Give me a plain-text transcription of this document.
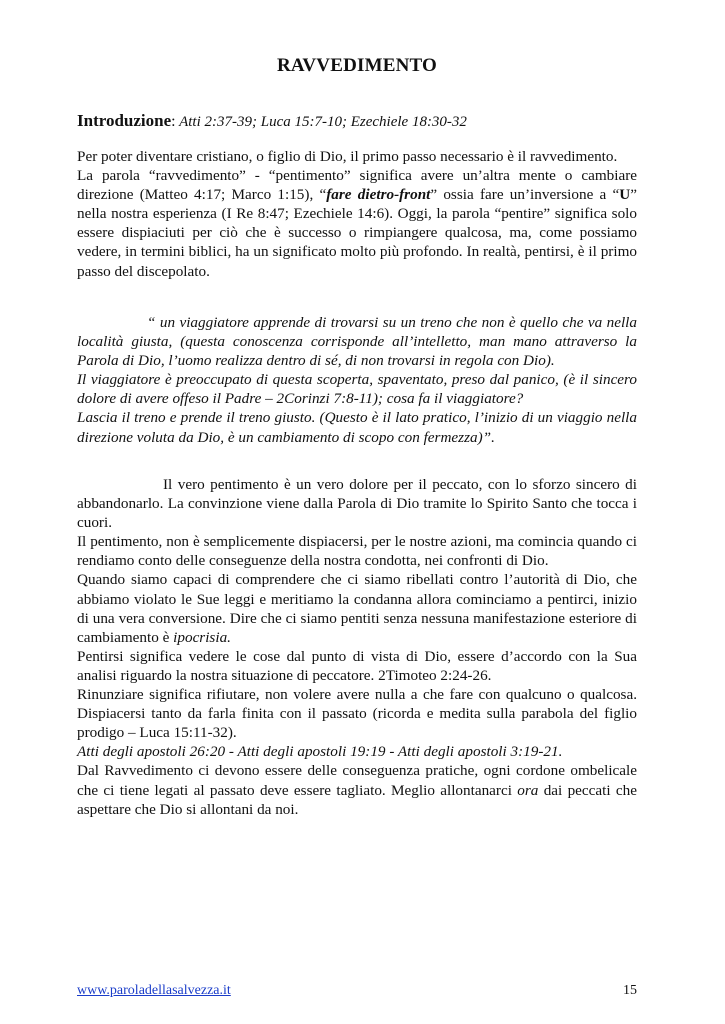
RAVVEDIMENTO
Introduzione: Atti 2:37-39; Luca 15:7-10; Ezechiele 18:30-32

Per poter diventare cristiano, o figlio di Dio, il primo passo necessario è il ravvedimento.

La parola “ravvedimento” - “pentimento” significa avere un’altra mente o cambiare direzione (Matteo 4:17; Marco 1:15), “fare dietro-front” ossia fare un’inversione a “U” nella nostra esperienza (I Re 8:47; Ezechiele 14:6). Oggi, la parola “pentire” significa solo essere dispiaciuti per ciò che è successo o rimpiangere qualcosa, ma, come possiamo vedere, in termini biblici, ha un significato molto più profondo. In realtà, pentirsi, è il primo passo del discepolato.

“ un viaggiatore apprende di trovarsi su un treno che non è quello che va nella località giusta, (questa conoscenza corrisponde all’intelletto, man mano attraverso la Parola di Dio, l’uomo realizza dentro di sé, di non trovarsi in regola con Dio).

Il viaggiatore è preoccupato di questa scoperta, spaventato, preso dal panico, (è il sincero dolore di avere offeso il Padre – 2Corinzi 7:8-11); cosa fa il viaggiatore?

Lascia il treno e prende il treno giusto. (Questo è il lato pratico, l’inizio di un viaggio nella direzione voluta da Dio, è un cambiamento di scopo con fermezza)”.

Il vero pentimento è un vero dolore per il peccato, con lo sforzo sincero di abbandonarlo. La convinzione viene dalla Parola di Dio tramite lo Spirito Santo che tocca i cuori.

Il pentimento, non è semplicemente dispiacersi, per le nostre azioni, ma comincia quando ci rendiamo conto delle conseguenze della nostra condotta, nei confronti di Dio.

Quando siamo capaci di comprendere che ci siamo ribellati contro l’autorità di Dio, che abbiamo violato le Sue leggi e meritiamo la condanna allora cominciamo a pentirci, inizio di una vera conversione. Dire che ci siamo pentiti senza nessuna manifestazione esteriore di cambiamento è ipocrisia.

Pentirsi significa vedere le cose dal punto di vista di Dio, essere d’accordo con la Sua analisi riguardo la nostra situazione di peccatore. 2Timoteo 2:24-26.

Rinunziare significa rifiutare, non volere avere nulla a che fare con qualcuno o qualcosa. Dispiacersi tanto da farla finita con il passato (ricorda e medita sulla parabola del figlio prodigo – Luca 15:11-32).

Atti degli apostoli 26:20 - Atti degli apostoli 19:19 - Atti degli apostoli 3:19-21.

Dal Ravvedimento ci devono essere delle conseguenza pratiche, ogni cordone ombelicale che ci tiene legati al passato deve essere tagliato. Meglio allontanarci ora dai peccati che aspettare che Dio si allontani da noi.

www.paroladellasalvezza.it	15
